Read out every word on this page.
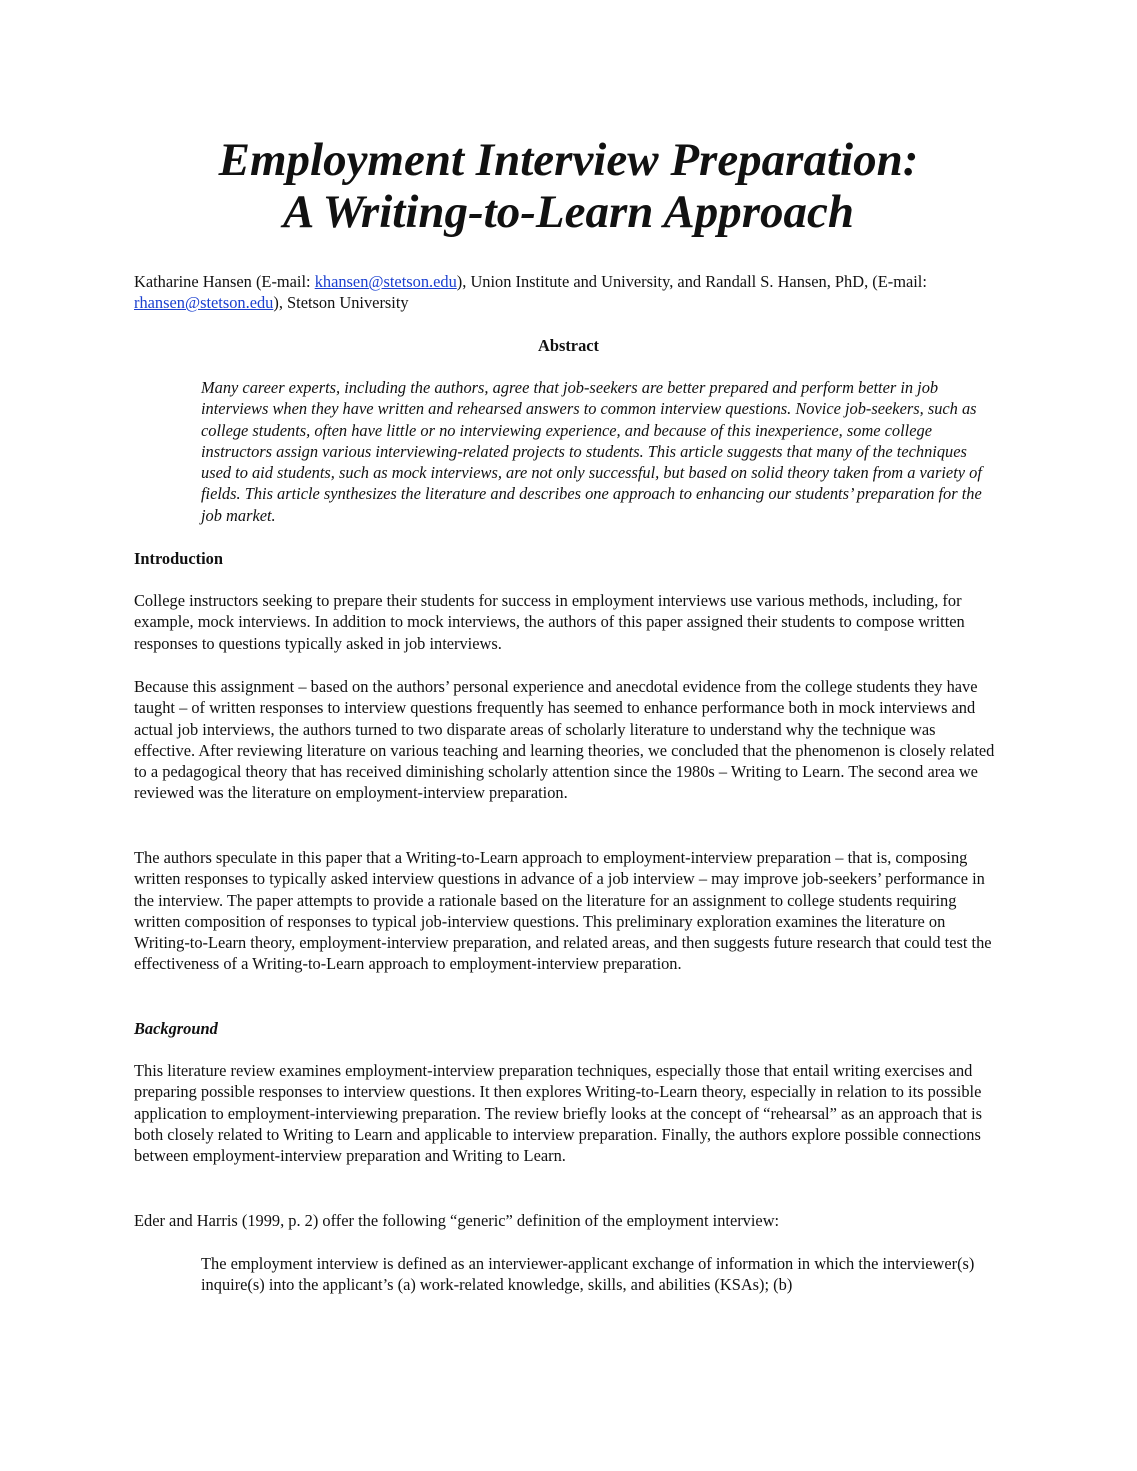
Employment Interview Preparation:
A Writing-to-Learn Approach

Katharine Hansen (E-mail: khansen@stetson.edu), Union Institute and University, and Randall S. Hansen, PhD, (E-mail: rhansen@stetson.edu), Stetson University

Abstract

Many career experts, including the authors, agree that job-seekers are better prepared and perform better in job interviews when they have written and rehearsed answers to common interview questions. Novice job-seekers, such as college students, often have little or no interviewing experience, and because of this inexperience, some college instructors assign various interviewing-related projects to students. This article suggests that many of the techniques used to aid students, such as mock interviews, are not only successful, but based on solid theory taken from a variety of fields. This article synthesizes the literature and describes one approach to enhancing our students’ preparation for the job market.

Introduction

College instructors seeking to prepare their students for success in employment interviews use various methods, including, for example, mock interviews. In addition to mock interviews, the authors of this paper assigned their students to compose written responses to questions typically asked in job interviews.

Because this assignment – based on the authors’ personal experience and anecdotal evidence from the college students they have taught – of written responses to interview questions frequently has seemed to enhance performance both in mock interviews and actual job interviews, the authors turned to two disparate areas of scholarly literature to understand why the technique was effective. After reviewing literature on various teaching and learning theories, we concluded that the phenomenon is closely related to a pedagogical theory that has received diminishing scholarly attention since the 1980s – Writing to Learn. The second area we reviewed was the literature on employment-interview preparation.

The authors speculate in this paper that a Writing-to-Learn approach to employment-interview preparation – that is, composing written responses to typically asked interview questions in advance of a job interview – may improve job-seekers’ performance in the interview. The paper attempts to provide a rationale based on the literature for an assignment to college students requiring written composition of responses to typical job-interview questions. This preliminary exploration examines the literature on Writing-to-Learn theory, employment-interview preparation, and related areas, and then suggests future research that could test the effectiveness of a Writing-to-Learn approach to employment-interview preparation.

Background

This literature review examines employment-interview preparation techniques, especially those that entail writing exercises and preparing possible responses to interview questions. It then explores Writing-to-Learn theory, especially in relation to its possible application to employment-interviewing preparation. The review briefly looks at the concept of “rehearsal” as an approach that is both closely related to Writing to Learn and applicable to interview preparation. Finally, the authors explore possible connections between employment-interview preparation and Writing to Learn.

Eder and Harris (1999, p. 2) offer the following “generic” definition of the employment interview:

The employment interview is defined as an interviewer-applicant exchange of information in which the interviewer(s) inquire(s) into the applicant’s (a) work-related knowledge, skills, and abilities (KSAs); (b)
